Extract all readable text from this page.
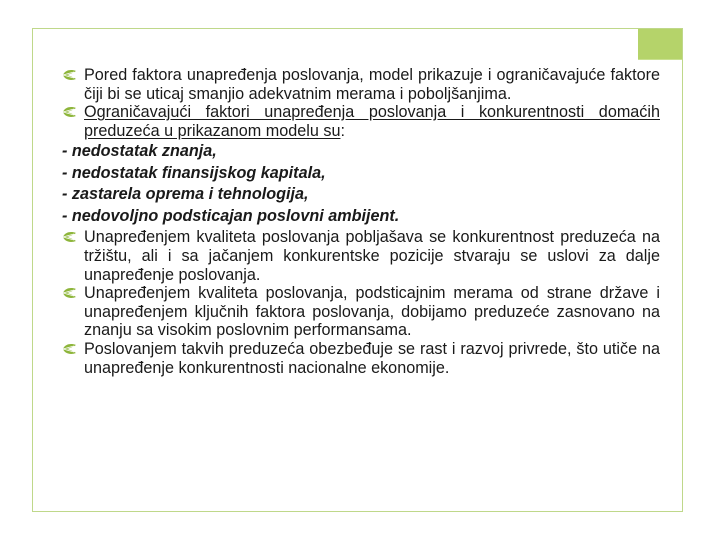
Pored faktora unapređenja poslovanja, model prikazuje i ograničavajuće faktore čiji bi se uticaj smanjio adekvatnim merama i poboljšanjima.
Ograničavajući faktori unapređenja poslovanja i konkurentnosti domaćih preduzeća u prikazanom modelu su:
- nedostatak znanja,
- nedostatak finansijskog kapitala,
- zastarela oprema i tehnologija,
- nedovoljno podsticajan poslovni ambijent.
Unapređenjem kvaliteta poslovanja pobljašava se konkurentnost preduzeća na tržištu, ali i sa jačanjem konkurentske pozicije stvaraju se uslovi za dalje unapređenje poslovanja.
Unapređenjem kvaliteta poslovanja, podsticajnim merama od strane države i unapređenjem ključnih faktora poslovanja, dobijamo preduzeće zasnovano na znanju sa visokim poslovnim performansama.
Poslovanjem takvih preduzeća obezbeđuje se rast i razvoj privrede, što utiče na unapređenje konkurentnosti nacionalne ekonomije.
